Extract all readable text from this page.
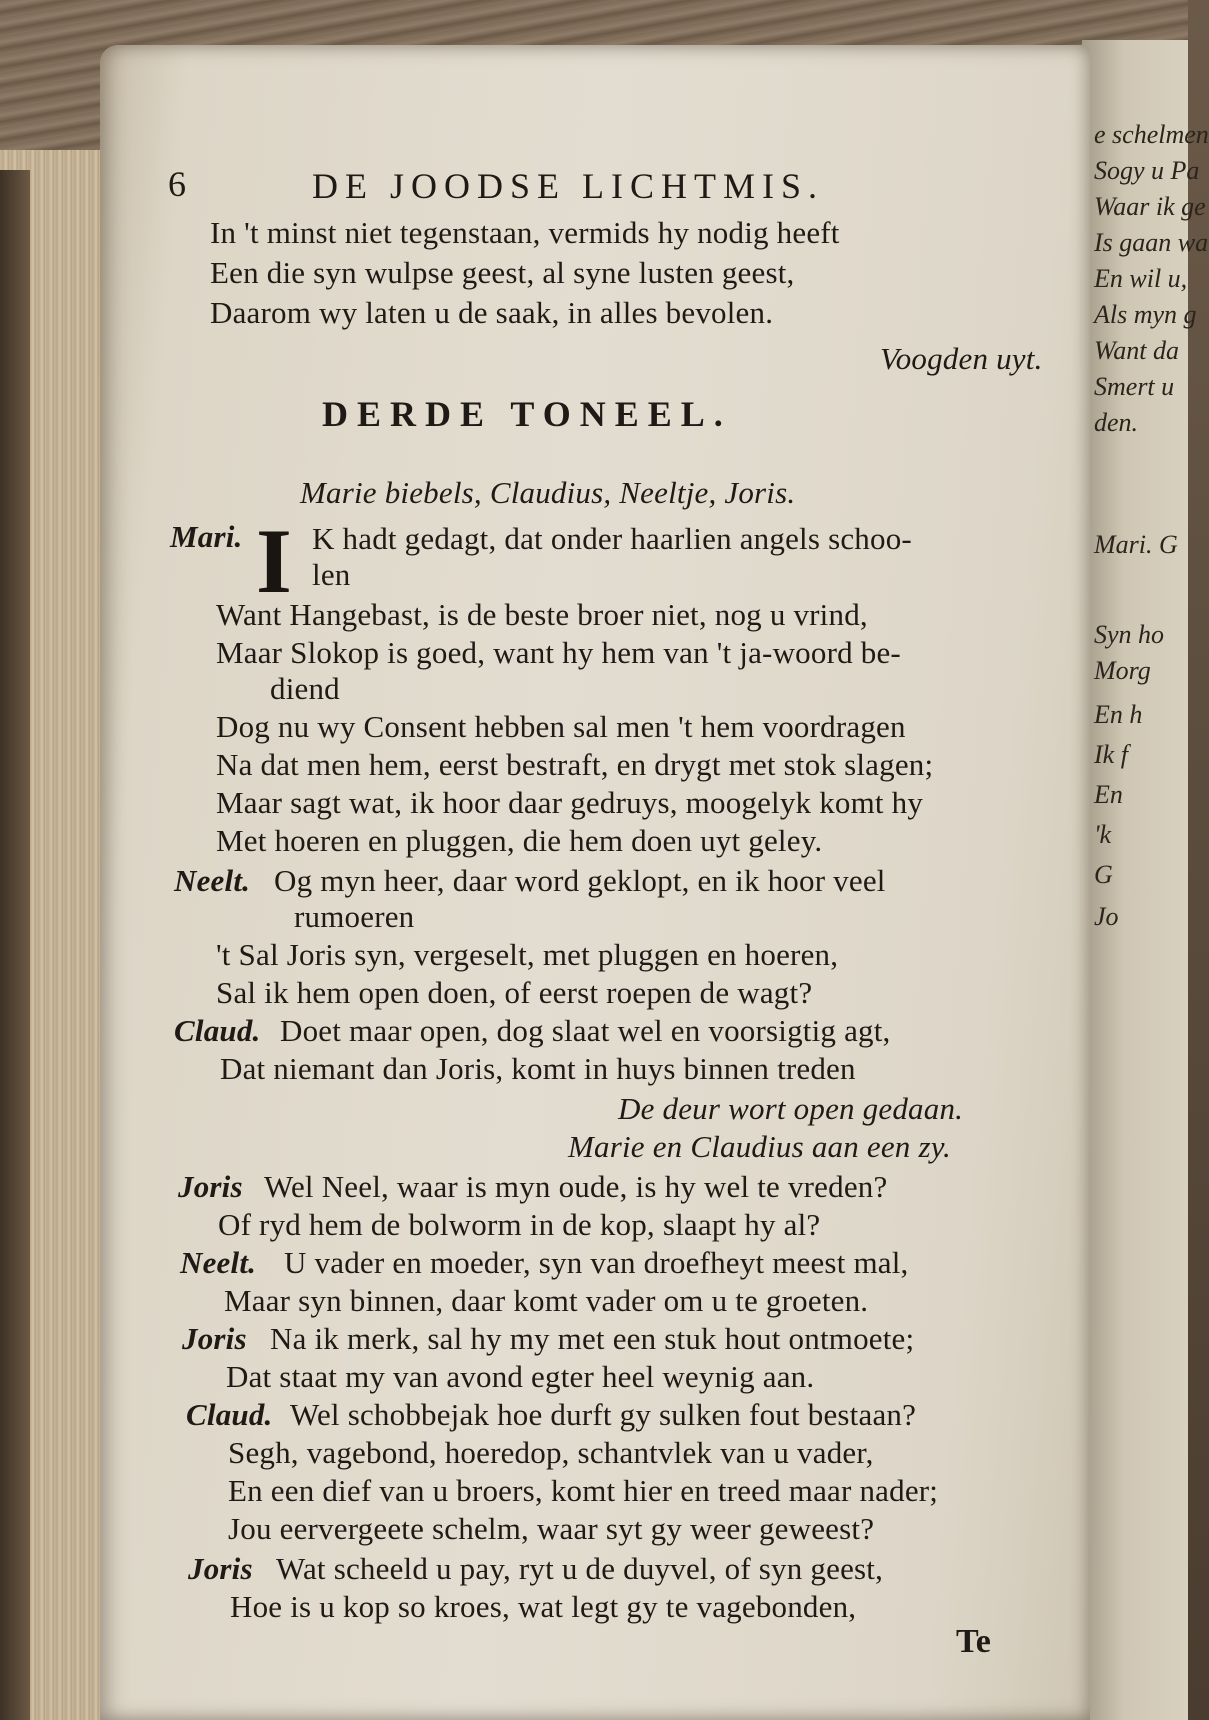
e schelmen
Sogy u Pa
Waar ik ge
Is gaan wa
En wil u,
Als myn g
Want da
Smert u
den.
Mari. G
Syn ho
Morg
En h
Ik f
En
'k
G
Jo
6	DE JOODSE LICHTMIS.
In 't minst niet tegenstaan, vermids hy nodig heeft
Een die syn wulpse geest, al syne lusten geest,
Daarom wy laten u de saak, in alles bevolen.
Voogden uyt.
DERDE TONEEL.
Marie biebels, Claudius, Neeltje, Joris.
Mari. I K hadt gedagt, dat onder haarlien angels schoo-
len
Want Hangebast, is de beste broer niet, nog u vrind,
Maar Slokop is goed, want hy hem van 't ja-woord be-
diend
Dog nu wy Consent hebben sal men 't hem voordragen
Na dat men hem, eerst bestraft, en drygt met stok slagen;
Maar sagt wat, ik hoor daar gedruys, moogelyk komt hy
Met hoeren en pluggen, die hem doen uyt geley.
Neelt. Og myn heer, daar word geklopt, en ik hoor veel
rumoeren
't Sal Joris syn, vergeselt, met pluggen en hoeren,
Sal ik hem open doen, of eerst roepen de wagt?
Claud. Doet maar open, dog slaat wel en voorsigtig agt,
Dat niemant dan Joris, komt in huys binnen treden
De deur wort open gedaan.
Marie en Claudius aan een zy.
Joris Wel Neel, waar is myn oude, is hy wel te vreden?
Of ryd hem de bolworm in de kop, slaapt hy al?
Neelt. U vader en moeder, syn van droefheyt meest mal,
Maar syn binnen, daar komt vader om u te groeten.
Joris Na ik merk, sal hy my met een stuk hout ontmoete;
Dat staat my van avond egter heel weynig aan.
Claud. Wel schobbejak hoe durft gy sulken fout bestaan?
Segh, vagebond, hoeredop, schantvlek van u vader,
En een dief van u broers, komt hier en treed maar nader;
Jou eervergeete schelm, waar syt gy weer geweest?
Joris Wat scheeld u pay, ryt u de duyvel, of syn geest,
Hoe is u kop so kroes, wat legt gy te vagebonden,
Te
